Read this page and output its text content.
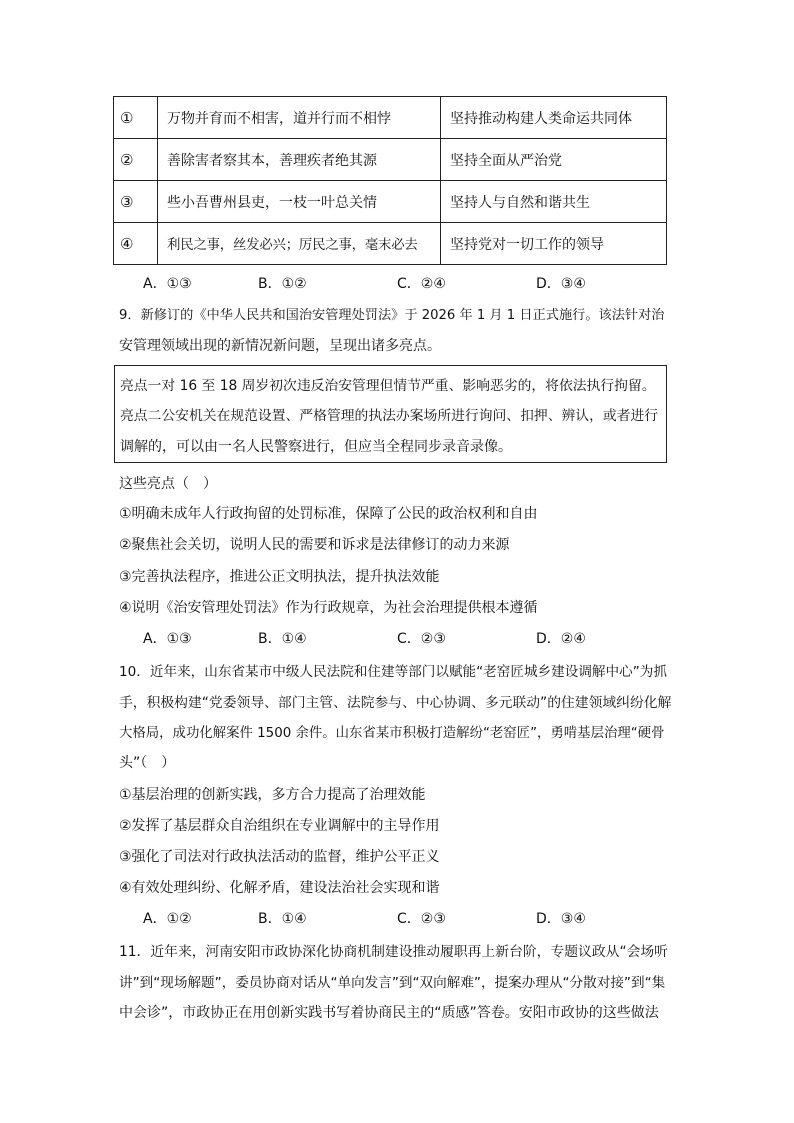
①	万物并育而不相害，道并行而不相悖	坚持推动构建人类命运共同体
②	善除害者察其本，善理疾者绝其源	坚持全面从严治党
③	些小吾曹州县吏，一枝一叶总关情	坚持人与自然和谐共生
④	利民之事，丝发必兴；厉民之事，毫末必去	坚持党对一切工作的领导
A．①③	B．①②	C．②④	D．③④
9．新修订的《中华人民共和国治安管理处罚法》于 2026 年 1 月 1 日正式施行。该法针对治
安管理领域出现的新情况新问题，呈现出诸多亮点。
亮点一对 16 至 18 周岁初次违反治安管理但情节严重、影响恶劣的，将依法执行拘留。
亮点二公安机关在规范设置、严格管理的执法办案场所进行询问、扣押、辨认，或者进行
调解的，可以由一名人民警察进行，但应当全程同步录音录像。
这些亮点（　）
①明确未成年人行政拘留的处罚标准，保障了公民的政治权利和自由
②聚焦社会关切，说明人民的需要和诉求是法律修订的动力来源
③完善执法程序，推进公正文明执法，提升执法效能
④说明《治安管理处罚法》作为行政规章，为社会治理提供根本遵循
A．①③	B．①④	C．②③	D．②④
10．近年来，山东省某市中级人民法院和住建等部门以赋能“老窑匠城乡建设调解中心”为抓
手，积极构建“党委领导、部门主管、法院参与、中心协调、多元联动”的住建领域纠纷化解
大格局，成功化解案件 1500 余件。山东省某市积极打造解纷“老窑匠”，勇啃基层治理“硬骨
头”（　）
①基层治理的创新实践，多方合力提高了治理效能
②发挥了基层群众自治组织在专业调解中的主导作用
③强化了司法对行政执法活动的监督，维护公平正义
④有效处理纠纷、化解矛盾，建设法治社会实现和谐
A．①②	B．①④	C．②③	D．③④
11．近年来，河南安阳市政协深化协商机制建设推动履职再上新台阶，专题议政从“会场听
讲”到“现场解题”，委员协商对话从“单向发言”到“双向解难”，提案办理从“分散对接”到“集
中会诊”，市政协正在用创新实践书写着协商民主的“质感”答卷。安阳市政协的这些做法
